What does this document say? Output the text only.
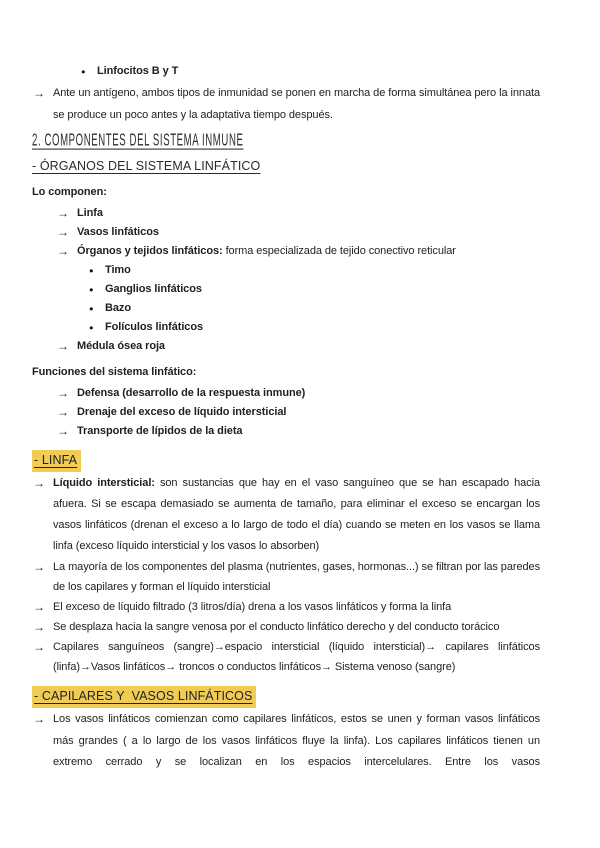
● Linfocitos B y T
→ Ante un antígeno, ambos tipos de inmunidad se ponen en marcha de forma simultánea pero la innata se produce un poco antes y la adaptativa tiempo después.
2. COMPONENTES DEL SISTEMA INMUNE
- ÓRGANOS DEL SISTEMA LINFÁTICO
Lo componen:
→ Linfa
→ Vasos linfáticos
→ Órganos y tejidos linfáticos: forma especializada de tejido conectivo reticular
● Timo
● Ganglios linfáticos
● Bazo
● Folículos linfáticos
→ Médula ósea roja
Funciones del sistema linfático:
→ Defensa (desarrollo de la respuesta inmune)
→ Drenaje del exceso de líquido intersticial
→ Transporte de lípidos de la dieta
- LINFA
→ Líquido intersticial: son sustancias que hay en el vaso sanguíneo que se han escapado hacia afuera. Si se escapa demasiado se aumenta de tamaño, para eliminar el exceso se encargan los vasos linfáticos (drenan el exceso a lo largo de todo el día) cuando se meten en los vasos se llama linfa (exceso líquido intersticial y los vasos lo absorben)
→ La mayoría de los componentes del plasma (nutrientes, gases, hormonas...) se filtran por las paredes de los capilares y forman el líquido intersticial
→ El exceso de líquido filtrado (3 litros/día) drena a los vasos linfáticos y forma la linfa
→ Se desplaza hacia la sangre venosa por el conducto linfático derecho y del conducto torácico
→ Capilares sanguíneos (sangre)→espacio intersticial (líquido intersticial)→ capilares linfáticos (linfa)→Vasos linfáticos→ troncos o conductos linfáticos→ Sistema venoso (sangre)
- CAPILARES Y  VASOS LINFÁTICOS
→ Los vasos linfáticos comienzan como capilares linfáticos, estos se unen y forman vasos linfáticos más grandes ( a lo largo de los vasos linfáticos fluye la linfa). Los capilares linfáticos tienen un extremo cerrado y se localizan en los espacios intercelulares. Entre los vasos
